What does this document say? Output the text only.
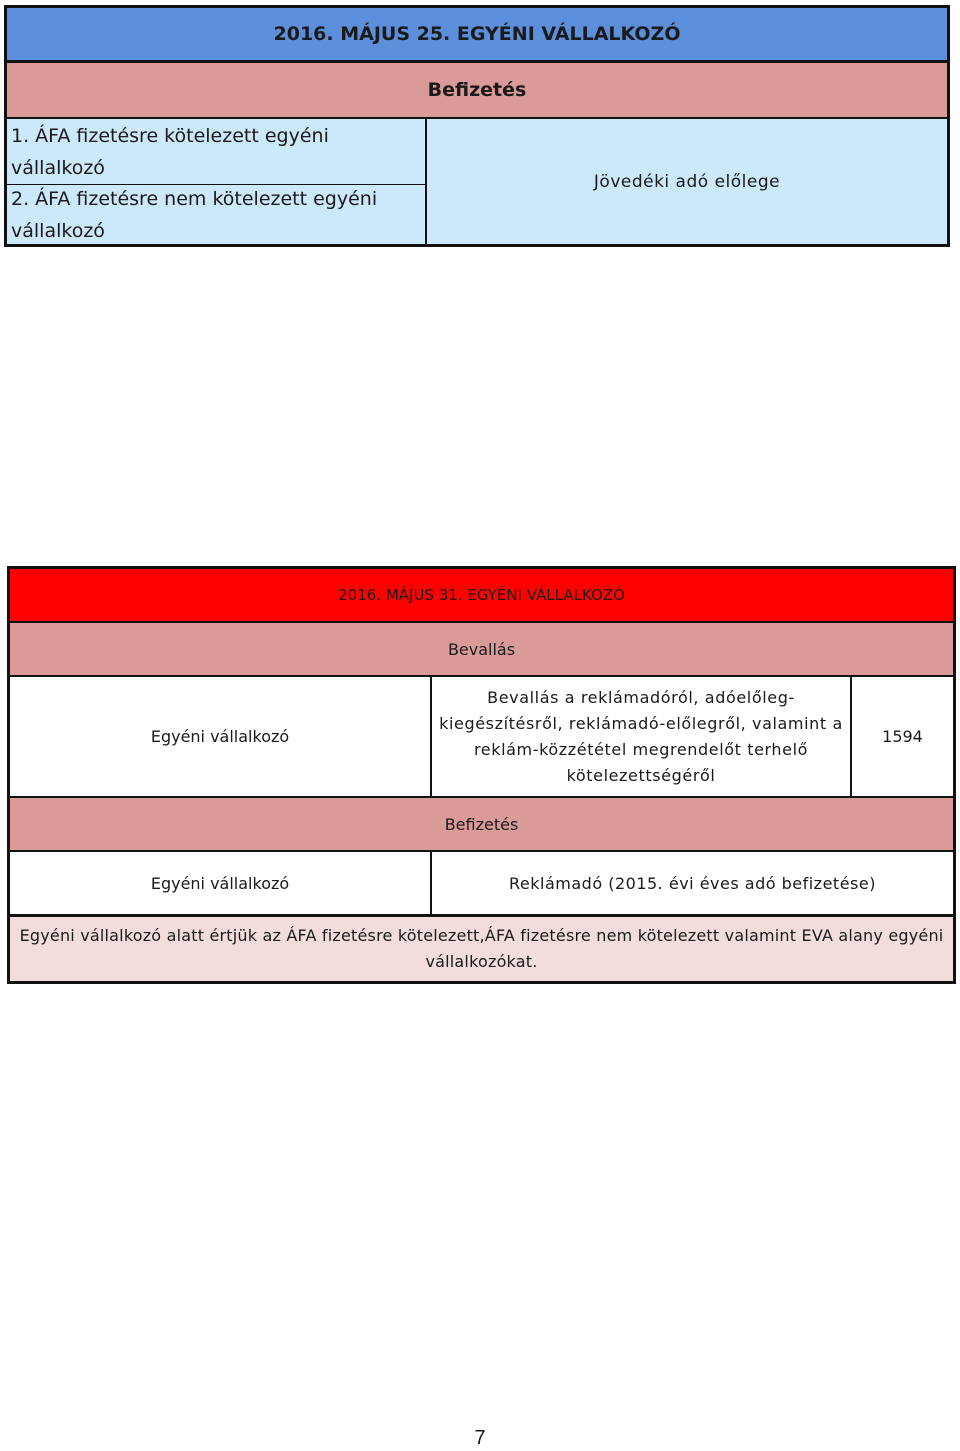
2016. MÁJUS 25. EGYÉNI VÁLLALKOZÓ
Befizetés
1. ÁFA fizetésre kötelezett egyéni vállalkozó
2. ÁFA fizetésre nem kötelezett egyéni vállalkozó
Jövedéki adó előlege
2016. MÁJUS 31. EGYÉNI VÁLLALKOZÓ
Bevallás
Egyéni vállalkozó
Bevallás a reklámadóról, adóelőleg-kiegészítésről, reklámadó-előlegről, valamint a reklám-közzététel megrendelőt terhelő kötelezettségéről
1594
Befizetés
Egyéni vállalkozó	Reklámadó (2015. évi éves adó befizetése)
Egyéni vállalkozó alatt értjük az ÁFA fizetésre kötelezett,ÁFA fizetésre nem kötelezett valamint EVA alany egyéni vállalkozókat.
7
